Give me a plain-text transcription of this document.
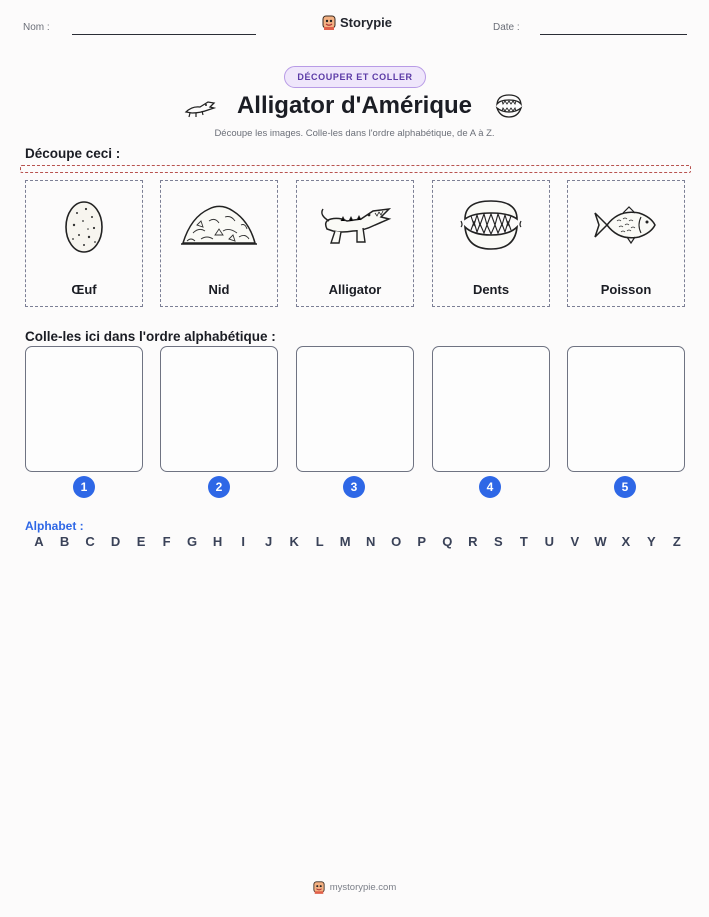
Nom :	Date :
Storypie
DÉCOUPER ET COLLER
Alligator d'Amérique
Découpe les images. Colle-les dans l'ordre alphabétique, de A à Z.
Découpe ceci :
Œuf	Nid	Alligator	Dents	Poisson
Colle-les ici dans l'ordre alphabétique :
1	2	3	4	5
Alphabet :
A B C D E F G H	I	J K L M N O P Q R S T U V W X Y Z
mystorypie.com
